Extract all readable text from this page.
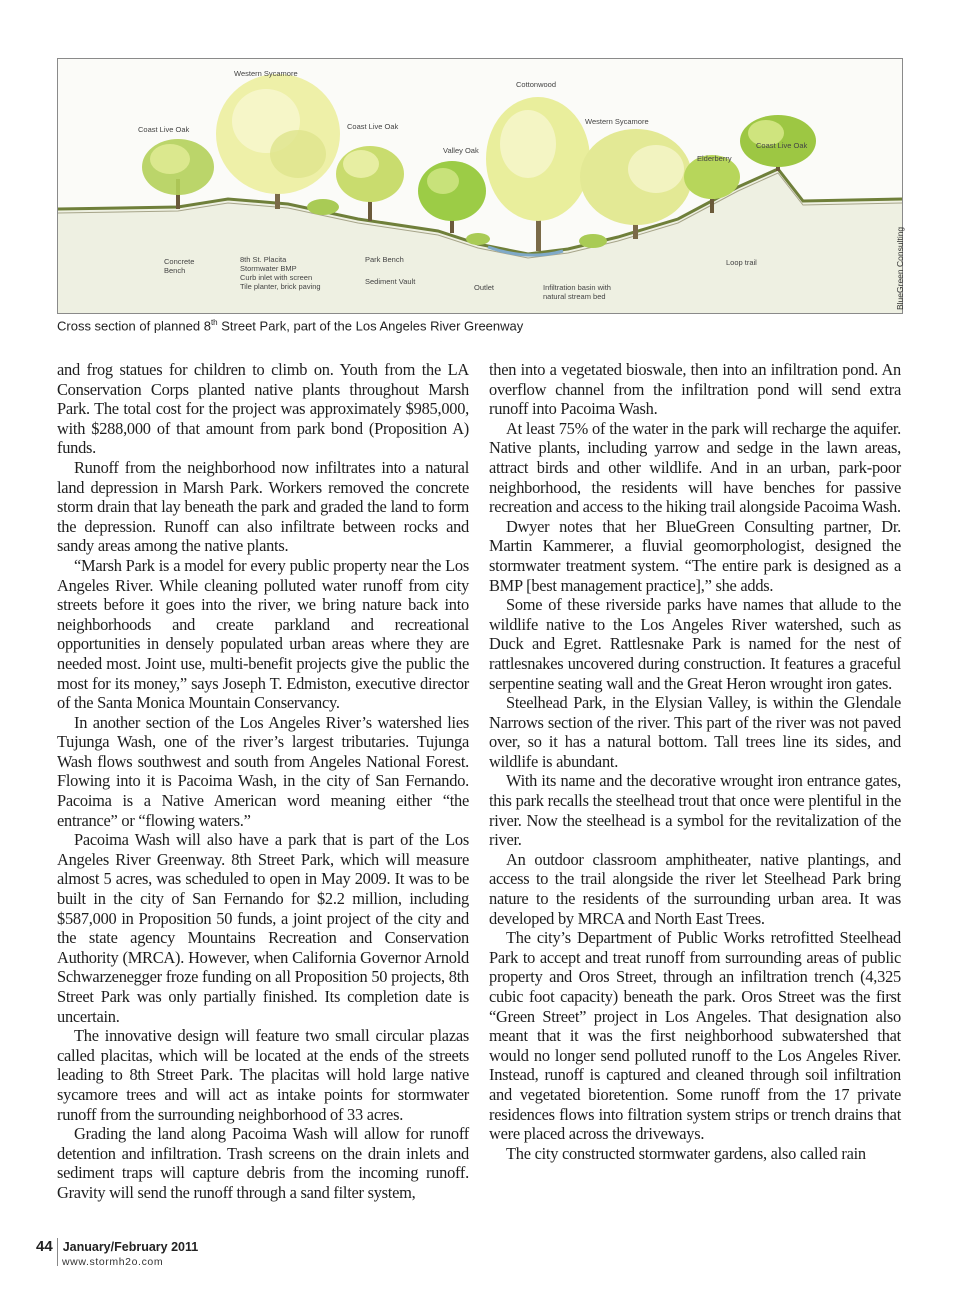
Coast Live Oak
Western Sycamore
Coast Live Oak
Valley Oak
Cottonwood
Western Sycamore
Elderberry
Coast Live Oak
Concrete
Bench
8th St. Placita
Stormwater BMP
Curb inlet with screen
Tile planter, brick paving
Park Bench
Sediment Vault
Outlet	Infiltration basin with
natural stream bed
Loop trail	BlueGreen Consulting
Cross section of planned 8th Street Park, part of the Los Angeles River Greenway

and frog statues for children to climb on. Youth from the LA Conservation Corps planted native plants throughout Marsh Park. The total cost for the project was approximately $985,000, with $288,000 of that amount from park bond (Proposition A) funds.

Runoff from the neighborhood now infiltrates into a natural land depression in Marsh Park. Workers removed the concrete storm drain that lay beneath the park and graded the land to form the depression. Runoff can also infiltrate between rocks and sandy areas among the native plants.

“Marsh Park is a model for every public property near the Los Angeles River. While cleaning polluted water runoff from city streets before it goes into the river, we bring nature back into neighborhoods and create parkland and recreational opportunities in densely populated urban areas where they are needed most. Joint use, multi-benefit projects give the public the most for its money,” says Joseph T. Edmiston, executive director of the Santa Monica Mountain Conservancy.

In another section of the Los Angeles River’s watershed lies Tujunga Wash, one of the river’s largest tributaries. Tujunga Wash flows southwest and south from Angeles National Forest. Flowing into it is Pacoima Wash, in the city of San Fernando. Pacoima is a Native American word meaning either “the entrance” or “flowing waters.”

Pacoima Wash will also have a park that is part of the Los Angeles River Greenway. 8th Street Park, which will measure almost 5 acres, was scheduled to open in May 2009. It was to be built in the city of San Fernando for $2.2 million, including $587,000 in Proposition 50 funds, a joint project of the city and the state agency Mountains Recreation and Conservation Authority (MRCA). However, when California Governor Arnold Schwarzenegger froze funding on all Proposition 50 projects, 8th Street Park was only partially finished. Its completion date is uncertain.

The innovative design will feature two small circular plazas called placitas, which will be located at the ends of the streets leading to 8th Street Park. The placitas will hold large native sycamore trees and will act as intake points for stormwater runoff from the surrounding neighborhood of 33 acres.

Grading the land along Pacoima Wash will allow for runoff detention and infiltration. Trash screens on the drain inlets and sediment traps will capture debris from the incoming runoff. Gravity will send the runoff through a sand filter system,

then into a vegetated bioswale, then into an infiltration pond. An overflow channel from the infiltration pond will send extra runoff into Pacoima Wash.

At least 75% of the water in the park will recharge the aquifer. Native plants, including yarrow and sedge in the lawn areas, attract birds and other wildlife. And in an urban, park-poor neighborhood, the residents will have benches for passive recreation and access to the hiking trail alongside Pacoima Wash.

Dwyer notes that her BlueGreen Consulting partner, Dr. Martin Kammerer, a fluvial geomorphologist, designed the stormwater treatment system. “The entire park is designed as a BMP [best management practice],” she adds.

Some of these riverside parks have names that allude to the wildlife native to the Los Angeles River watershed, such as Duck and Egret. Rattlesnake Park is named for the nest of rattlesnakes uncovered during construction. It features a graceful serpentine seating wall and the Great Heron wrought iron gates.

Steelhead Park, in the Elysian Valley, is within the Glendale Narrows section of the river. This part of the river was not paved over, so it has a natural bottom. Tall trees line its sides, and wildlife is abundant.

With its name and the decorative wrought iron entrance gates, this park recalls the steelhead trout that once were plentiful in the river. Now the steelhead is a symbol for the revitalization of the river.

An outdoor classroom amphitheater, native plantings, and access to the trail alongside the river let Steelhead Park bring nature to the residents of the surrounding urban area. It was developed by MRCA and North East Trees.

The city’s Department of Public Works retrofitted Steelhead Park to accept and treat runoff from surrounding areas of public property and Oros Street, through an infiltration trench (4,325 cubic foot capacity) beneath the park. Oros Street was the first “Green Street” project in Los Angeles. That designation also meant that it was the first neighborhood subwatershed that would no longer send polluted runoff to the Los Angeles River. Instead, runoff is captured and cleaned through soil infiltration and vegetated bioretention. Some runoff from the 17 private residences flows into filtration system strips or trench drains that were placed across the driveways.

The city constructed stormwater gardens, also called rain

44 January/February 2011
www.stormh2o.com
